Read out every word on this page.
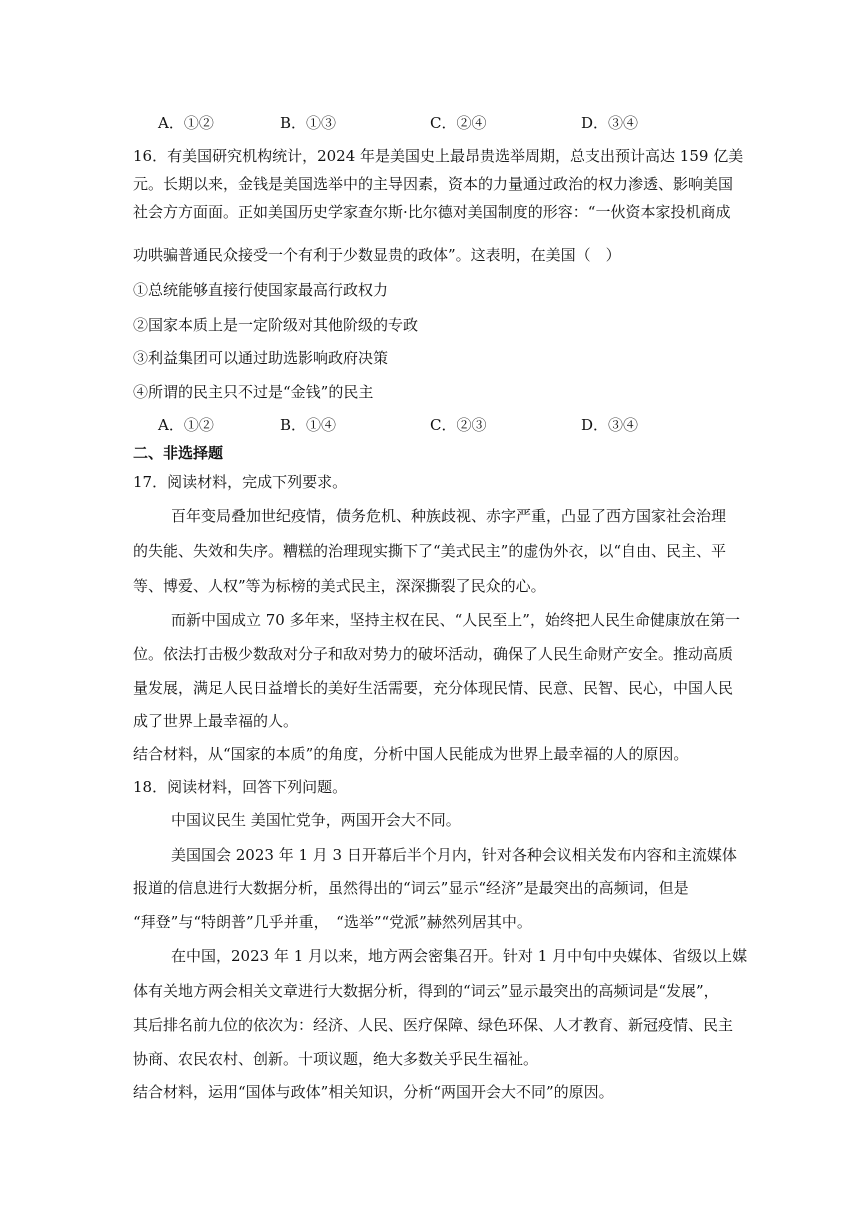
A．①②	B．①③	C．②④	D．③④
16．有美国研究机构统计，2024 年是美国史上最昂贵选举周期，总支出预计高达 159 亿美
元。长期以来，金钱是美国选举中的主导因素，资本的力量通过政治的权力渗透、影响美国
社会方方面面。正如美国历史学家查尔斯·比尔德对美国制度的形容：“一伙资本家投机商成
功哄骗普通民众接受一个有利于少数显贵的政体”。这表明，在美国（　）
①总统能够直接行使国家最高行政权力
②国家本质上是一定阶级对其他阶级的专政
③利益集团可以通过助选影响政府决策
④所谓的民主只不过是“金钱”的民主
A．①②	B．①④	C．②③	D．③④
二、非选择题
17．阅读材料，完成下列要求。
百年变局叠加世纪疫情，债务危机、种族歧视、赤字严重，凸显了西方国家社会治理
的失能、失效和失序。糟糕的治理现实撕下了“美式民主”的虚伪外衣，以“自由、民主、平
等、博爱、人权”等为标榜的美式民主，深深撕裂了民众的心。
而新中国成立 70 多年来，坚持主权在民、“人民至上”，始终把人民生命健康放在第一
位。依法打击极少数敌对分子和敌对势力的破坏活动，确保了人民生命财产安全。推动高质
量发展，满足人民日益增长的美好生活需要，充分体现民情、民意、民智、民心，中国人民
成了世界上最幸福的人。
结合材料，从“国家的本质”的角度，分析中国人民能成为世界上最幸福的人的原因。
18．阅读材料，回答下列问题。
中国议民生 美国忙党争，两国开会大不同。
美国国会 2023 年 1 月 3 日开幕后半个月内，针对各种会议相关发布内容和主流媒体
报道的信息进行大数据分析，虽然得出的“词云”显示“经济”是最突出的高频词，但是
“拜登”与“特朗普”几乎并重，　“选举”“党派”赫然列居其中。
在中国，2023 年 1 月以来，地方两会密集召开。针对 1 月中旬中央媒体、省级以上媒
体有关地方两会相关文章进行大数据分析，得到的“词云”显示最突出的高频词是“发展”，
其后排名前九位的依次为：经济、人民、医疗保障、绿色环保、人才教育、新冠疫情、民主
协商、农民农村、创新。十项议题，绝大多数关乎民生福祉。
结合材料，运用“国体与政体”相关知识，分析“两国开会大不同”的原因。
